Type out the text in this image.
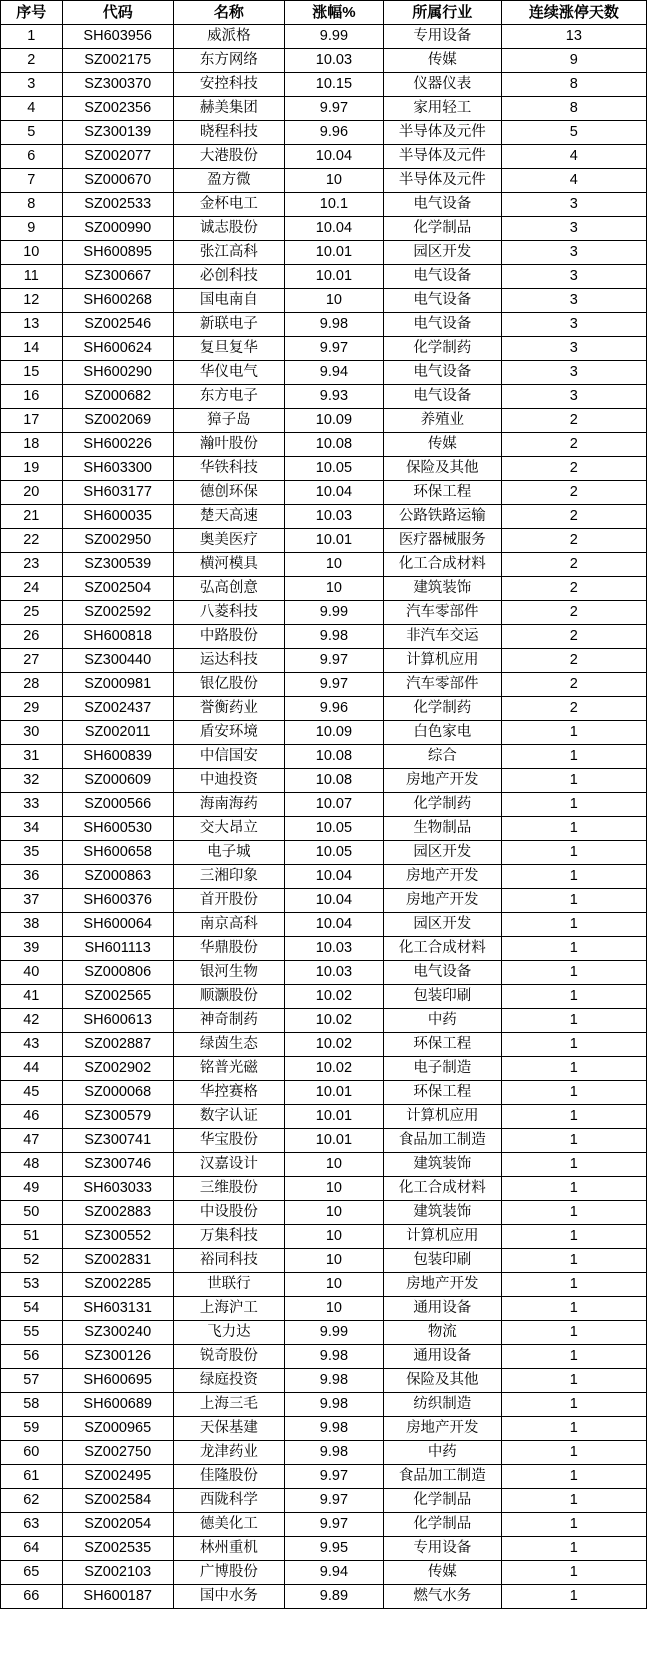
序号	代码	名称	涨幅%	所属行业	连续涨停天数
1	SH603956	威派格	9.99	专用设备	13
2	SZ002175	东方网络	10.03	传媒	9
3	SZ300370	安控科技	10.15	仪器仪表	8
4	SZ002356	赫美集团	9.97	家用轻工	8
5	SZ300139	晓程科技	9.96	半导体及元件	5
6	SZ002077	大港股份	10.04	半导体及元件	4
7	SZ000670	盈方微	10	半导体及元件	4
8	SZ002533	金杯电工	10.1	电气设备	3
9	SZ000990	诚志股份	10.04	化学制品	3
10	SH600895	张江高科	10.01	园区开发	3
11	SZ300667	必创科技	10.01	电气设备	3
12	SH600268	国电南自	10	电气设备	3
13	SZ002546	新联电子	9.98	电气设备	3
14	SH600624	复旦复华	9.97	化学制药	3
15	SH600290	华仪电气	9.94	电气设备	3
16	SZ000682	东方电子	9.93	电气设备	3
17	SZ002069	獐子岛	10.09	养殖业	2
18	SH600226	瀚叶股份	10.08	传媒	2
19	SH603300	华铁科技	10.05	保险及其他	2
20	SH603177	德创环保	10.04	环保工程	2
21	SH600035	楚天高速	10.03	公路铁路运输	2
22	SZ002950	奥美医疗	10.01	医疗器械服务	2
23	SZ300539	横河模具	10	化工合成材料	2
24	SZ002504	弘高创意	10	建筑装饰	2
25	SZ002592	八菱科技	9.99	汽车零部件	2
26	SH600818	中路股份	9.98	非汽车交运	2
27	SZ300440	运达科技	9.97	计算机应用	2
28	SZ000981	银亿股份	9.97	汽车零部件	2
29	SZ002437	誉衡药业	9.96	化学制药	2
30	SZ002011	盾安环境	10.09	白色家电	1
31	SH600839	中信国安	10.08	综合	1
32	SZ000609	中迪投资	10.08	房地产开发	1
33	SZ000566	海南海药	10.07	化学制药	1
34	SH600530	交大昂立	10.05	生物制品	1
35	SH600658	电子城	10.05	园区开发	1
36	SZ000863	三湘印象	10.04	房地产开发	1
37	SH600376	首开股份	10.04	房地产开发	1
38	SH600064	南京高科	10.04	园区开发	1
39	SH601113	华鼎股份	10.03	化工合成材料	1
40	SZ000806	银河生物	10.03	电气设备	1
41	SZ002565	顺灏股份	10.02	包装印刷	1
42	SH600613	神奇制药	10.02	中药	1
43	SZ002887	绿茵生态	10.02	环保工程	1
44	SZ002902	铭普光磁	10.02	电子制造	1
45	SZ000068	华控赛格	10.01	环保工程	1
46	SZ300579	数字认证	10.01	计算机应用	1
47	SZ300741	华宝股份	10.01	食品加工制造	1
48	SZ300746	汉嘉设计	10	建筑装饰	1
49	SH603033	三维股份	10	化工合成材料	1
50	SZ002883	中设股份	10	建筑装饰	1
51	SZ300552	万集科技	10	计算机应用	1
52	SZ002831	裕同科技	10	包装印刷	1
53	SZ002285	世联行	10	房地产开发	1
54	SH603131	上海沪工	10	通用设备	1
55	SZ300240	飞力达	9.99	物流	1
56	SZ300126	锐奇股份	9.98	通用设备	1
57	SH600695	绿庭投资	9.98	保险及其他	1
58	SH600689	上海三毛	9.98	纺织制造	1
59	SZ000965	天保基建	9.98	房地产开发	1
60	SZ002750	龙津药业	9.98	中药	1
61	SZ002495	佳隆股份	9.97	食品加工制造	1
62	SZ002584	西陇科学	9.97	化学制品	1
63	SZ002054	德美化工	9.97	化学制品	1
64	SZ002535	林州重机	9.95	专用设备	1
65	SZ002103	广博股份	9.94	传媒	1
66	SH600187	国中水务	9.89	燃气水务	1
